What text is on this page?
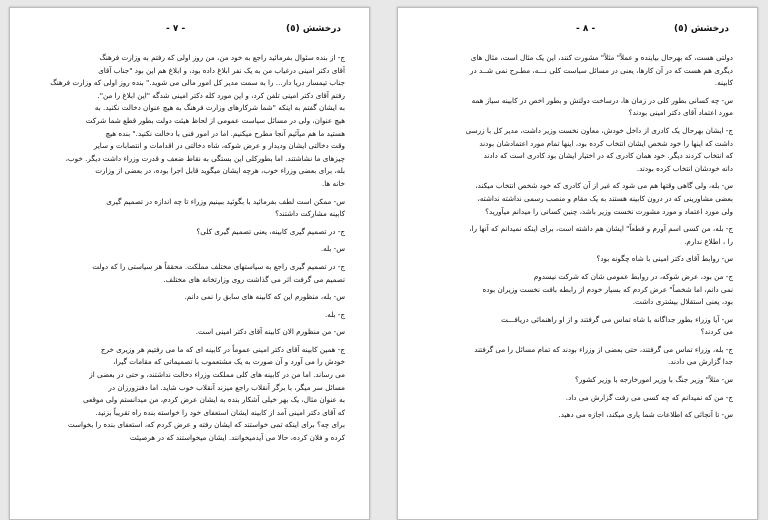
- ٧ -	درخشش (٥)
ج- از بنده سئوال بفرمائید راجع به خود من، من روز اولی که رفتم به وزارت فرهنگ
آقای دکتر امینی درغیاب من به یک نفر ابلاغ داده بود، و ابلاغ هم این بود "جناب آقای
جناب تیمسار دریا دار... را به سمت مدیر کل امور مالی می شوید." بنده روز اولی که وزارت فرهنگ
رفتم آقای دکتر امینی تلفن کرد، و این مورد کله دکتر امینی شدگه "این ابلاغ را من".
به ایشان گفتم به اینکه "شما شرکارهای وزارت فرهنگ به هیچ عنوان دخالت نکنید. به
هیچ عنوان، ولی در مسائل سیاست عمومی از لحاظ هیئت دولت بطور قطع شما شرکت
هستید ما هم میآئیم آنجا مطرح میکنیم. اما در امور فنی با دخالت نکنید." بنده هیچ
وقت دخالتی ایشان ودیدار و عرض شوکه، شاه دخالتی در اقدامات و انتصابات و سایر
چیزهای ما نشاشتند. اما بطورکلی این بستگی به نقاط ضعف و قدرت وزراء داشت دیگر. خوب،
بله، برای بعضی وزراء خوب، هرچه ایشان میگوید قابل اجرا بوده، در بعضی از وزارت
خانه ها.
س- ممکن است لطف بفرمائید با بگوئید ببینیم وزراء تا چه اندازه در تصمیم گیری
کابینه مشارکت داشتند؟
ج- در تصمیم گیری کابینه، یعنی تصمیم گیری کلی؟
س- بله.
ج- در تصمیم گیری راجع به سیاستهای مختلف مملکت. محققاً هر سیاستی را که دولت
تصمیم می گرفت اثر می گذاشت روی وزارتخانه های مختلف.
س- بله، منظورم این که کابینه های سابق را نمی دانم.
ج- بله.
س- من منظورم الان کابینه آقای دکتر امینی است.
ج- همین کابینه آقای دکتر امینی عموماً در کابینه ای که ما می رفتیم هر وزیری خرج
خودش را می آورد و آن صورت به یک مشتعموب با تصمیماتی که مقامات گیرا،
می رساند. اما من در کابینه های کلی مملکت وزراء دخالت نداشتند، و حتی در بعضی از
مسائل سر میگر، با برگر آنقلاب راجع میزند آنقلاب خوب شاید. اما دفنزورزان در
به عنوان مثال، یک بهر خیلی آشکار بنده به ایشان عرض کردم، من میدانستم ولی موقعی
که آقای دکتر امینی آمد از کابینه ایشان استعفای خود را خواسته بنده راه تقریباً بزنید.
برای چه؟ برای اینکه تمی خواستند که ایشان رفته و عرض کردم که، استعفای بنده را بخواست
کرده و فلان کرده، حالا می آیدمیخوانند. ایشان میخواستند که در هرصیئت
- ٨ -	درخشش (٥)
دولتی هست، که بهرحال بیاینده و عملاً" مثلاً" مشورت کنند، این یک مثال است، مثال های
دیگری هم هست که در آن کارها، یعنی در مسائل سیاست کلی نـــه، مطـرح نمی شــد در
کابینه.
س- چه کسانی بطور کلی در زمان ها، درساخت دولتش و بطور اخص در کابینه سیاز همه
مورد اعتماد آقای دکتر امینی بودند؟
ج- ایشان بهرحال یک کادری از داخل خودش، معاون نخست وزیر داشت، مدیر کل با زرسی
داشت که اینها را خود شخص ایشان انتخاب کرده بود، اینها تمام مورد اعتمادشان بودند
که انتخاب کردند دیگر. خود همان کادری که در اختیار ایشان بود کادری است که دادند
دانه خودشان انتخاب کرده بودند.
س- بله، ولی گاهی وقتها هم می شود که غیر از آن کادری که خود شخص انتخاب میکند،
بعضی مشاورینی که در درون کابینه هستند به یک مقام و منصب رسمی نداشته نداشته،
ولی مورد اعتماد و مورد مشورت نخست وزیر باشد، چنین کسانی را میدانم میآورید؟
ج- بله، من کسی اسم آورم و قطعاً" ایشان هم داشته است، برای اینکه نمیدانم که آنها را،
را ، اطلاع ندارم.
س- روابط آقای دکتر امینی با شاه چگونه بود؟
ج- من بود، عرض شوکه، در روابط عمومی شان که شرکت نیسدوم
نمی دانم، اما شخصاً" عرض کردم که بسیار خودم از رابطه بافت نخست وزیران بوده
بود، یعنی استقلال بیشتری داشت.
س- آیا وزراء بطور جداگانه با شاه تماس می گرفتند و از او راهنمائی دریافـــت
می کردند؟
ج- بله، وزراء تماس می گرفتند، حتی بعضی از وزراء بودند که تمام مسائل را می گرفتند
جدا گزارش می دادند.
س- مثلاً" وزیر جنگ با وزیر امورخارجه با وزیر کشور؟
ج- من که نمیدانم که چه کسی می رفت گزارش می داد.
س- تا آنجائی که اطلاعات شما یاری میکند، اجازه می دهید.
